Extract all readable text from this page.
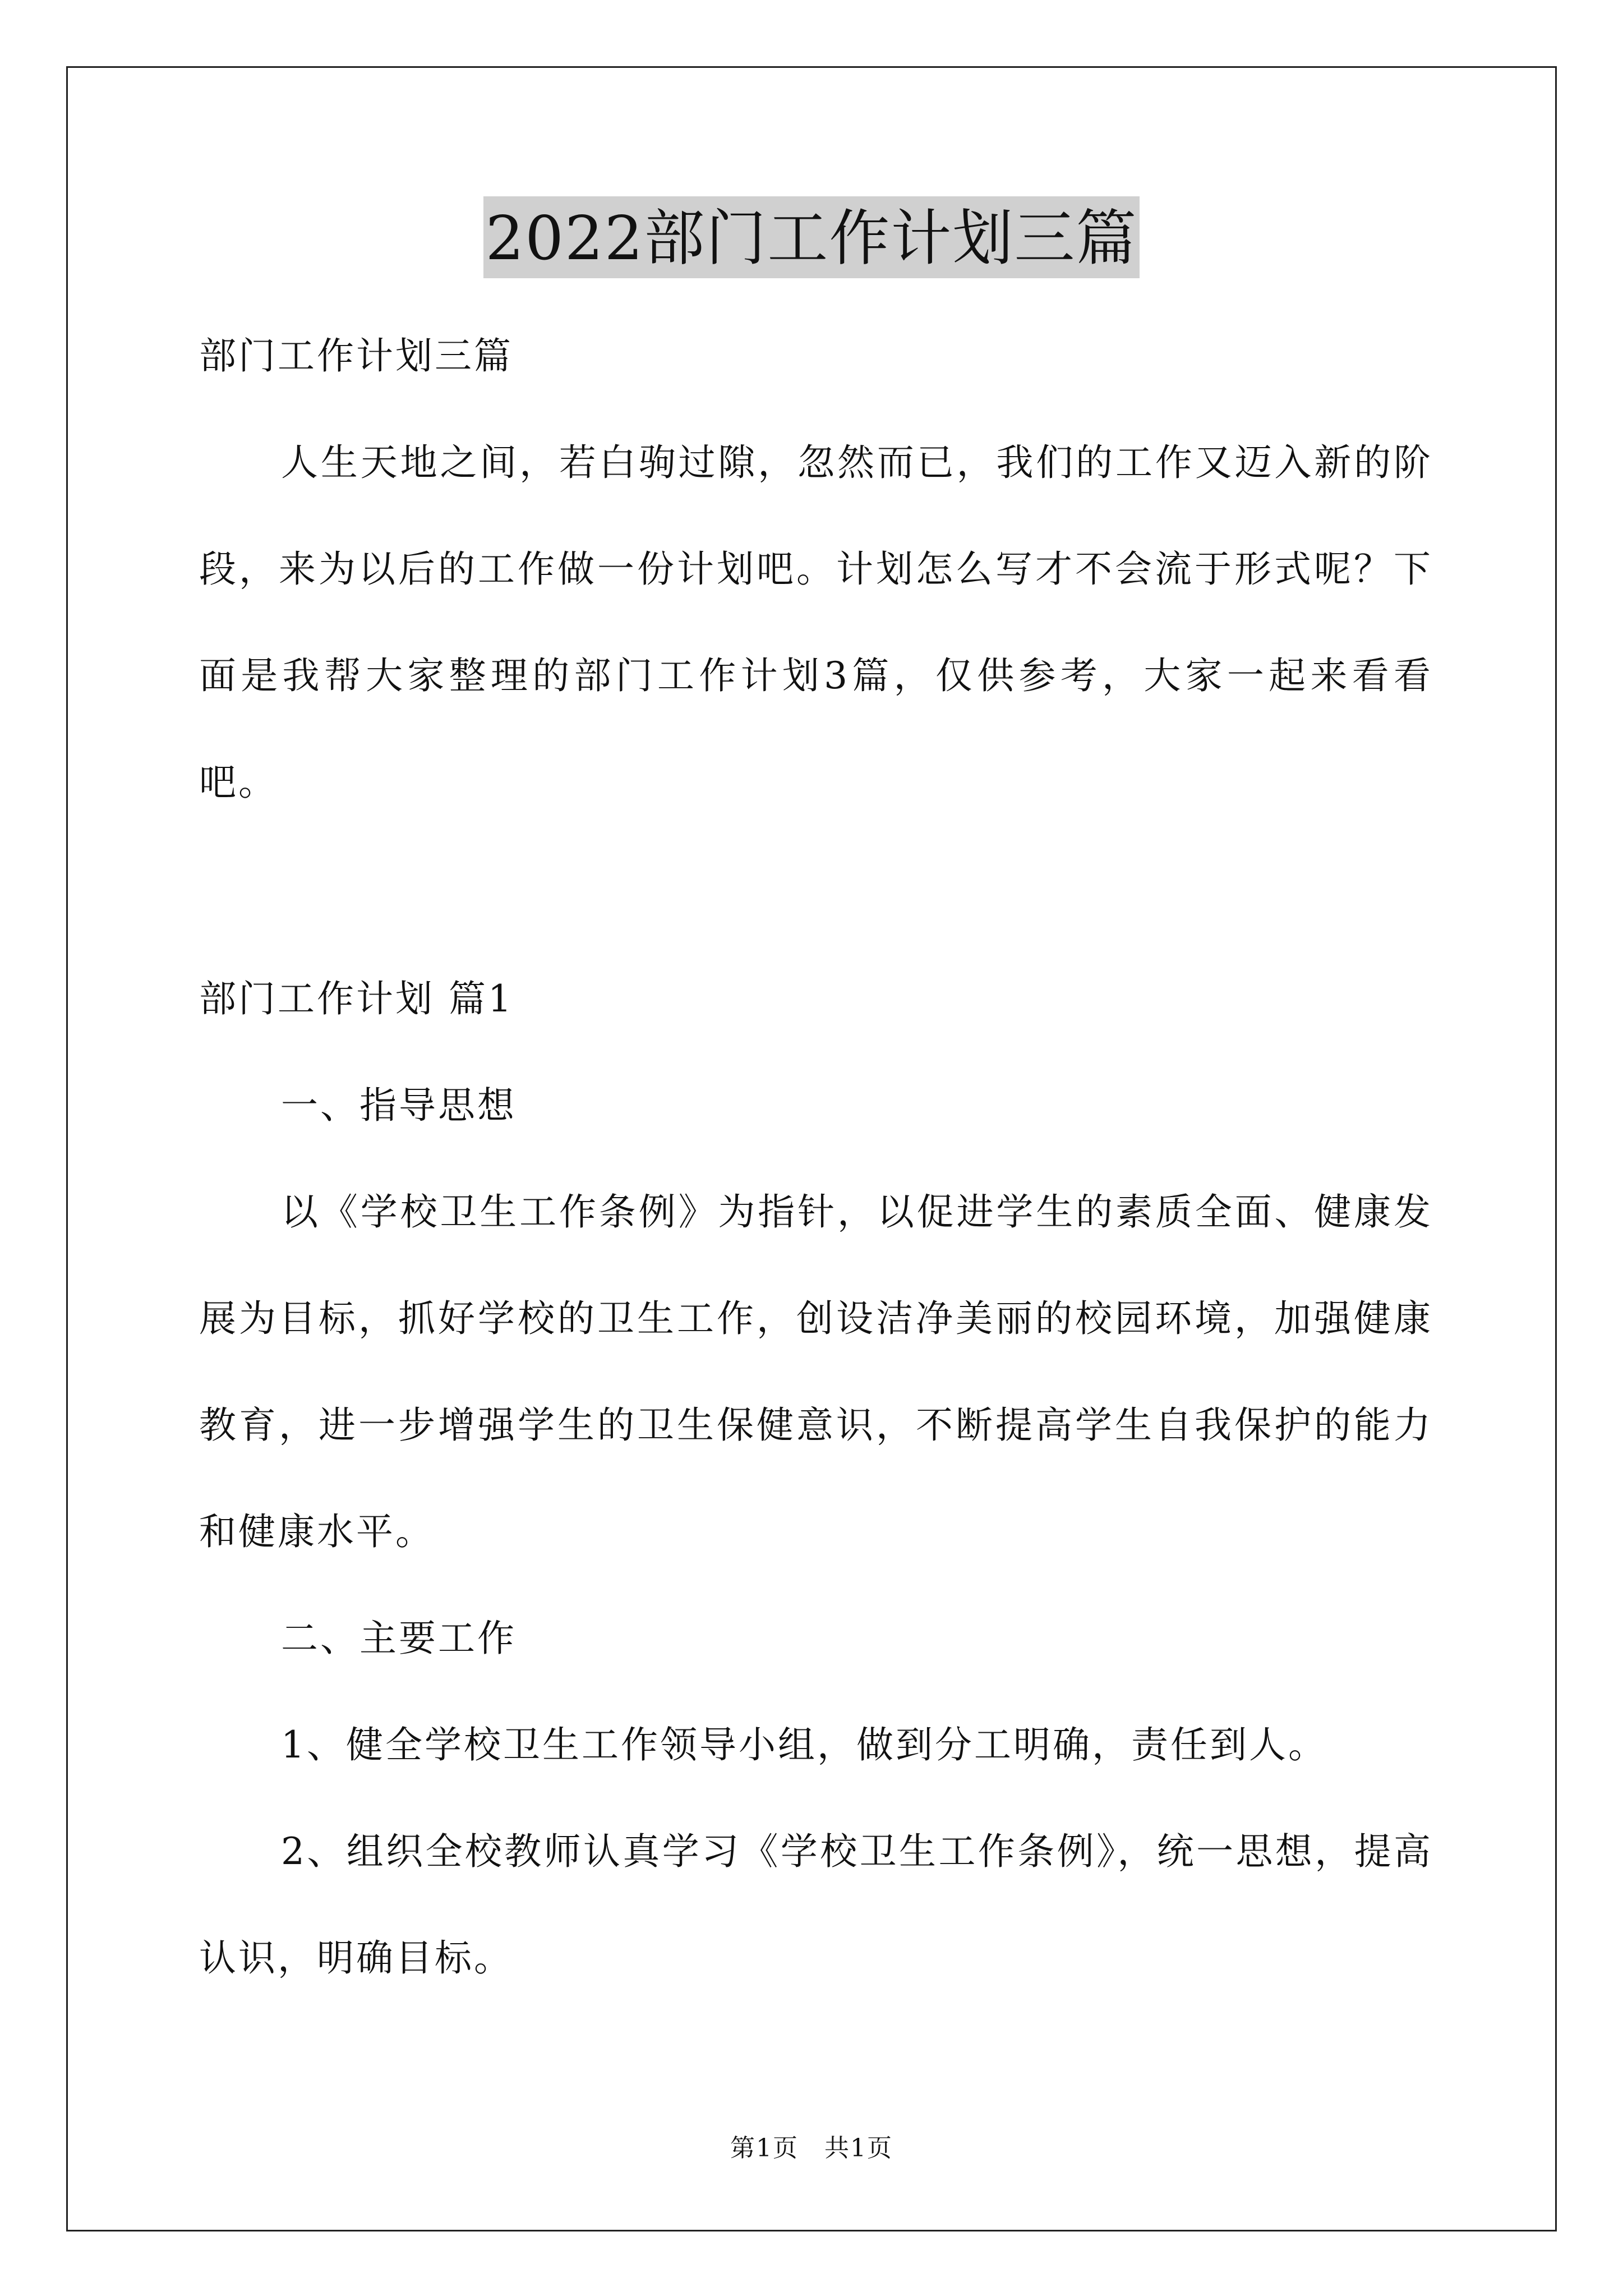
2022部门工作计划三篇

部门工作计划三篇

人生天地之间，若白驹过隙，忽然而已，我们的工作又迈入新的阶段，来为以后的工作做一份计划吧。计划怎么写才不会流于形式呢？下面是我帮大家整理的部门工作计划3篇，仅供参考，大家一起来看看吧。

部门工作计划 篇1

一、指导思想

以《学校卫生工作条例》为指针，以促进学生的素质全面、健康发展为目标，抓好学校的卫生工作，创设洁净美丽的校园环境，加强健康教育，进一步增强学生的卫生保健意识，不断提高学生自我保护的能力和健康水平。

二、主要工作

1、健全学校卫生工作领导小组，做到分工明确，责任到人。

2、组织全校教师认真学习《学校卫生工作条例》，统一思想，提高认识，明确目标。

第1页 共1页
